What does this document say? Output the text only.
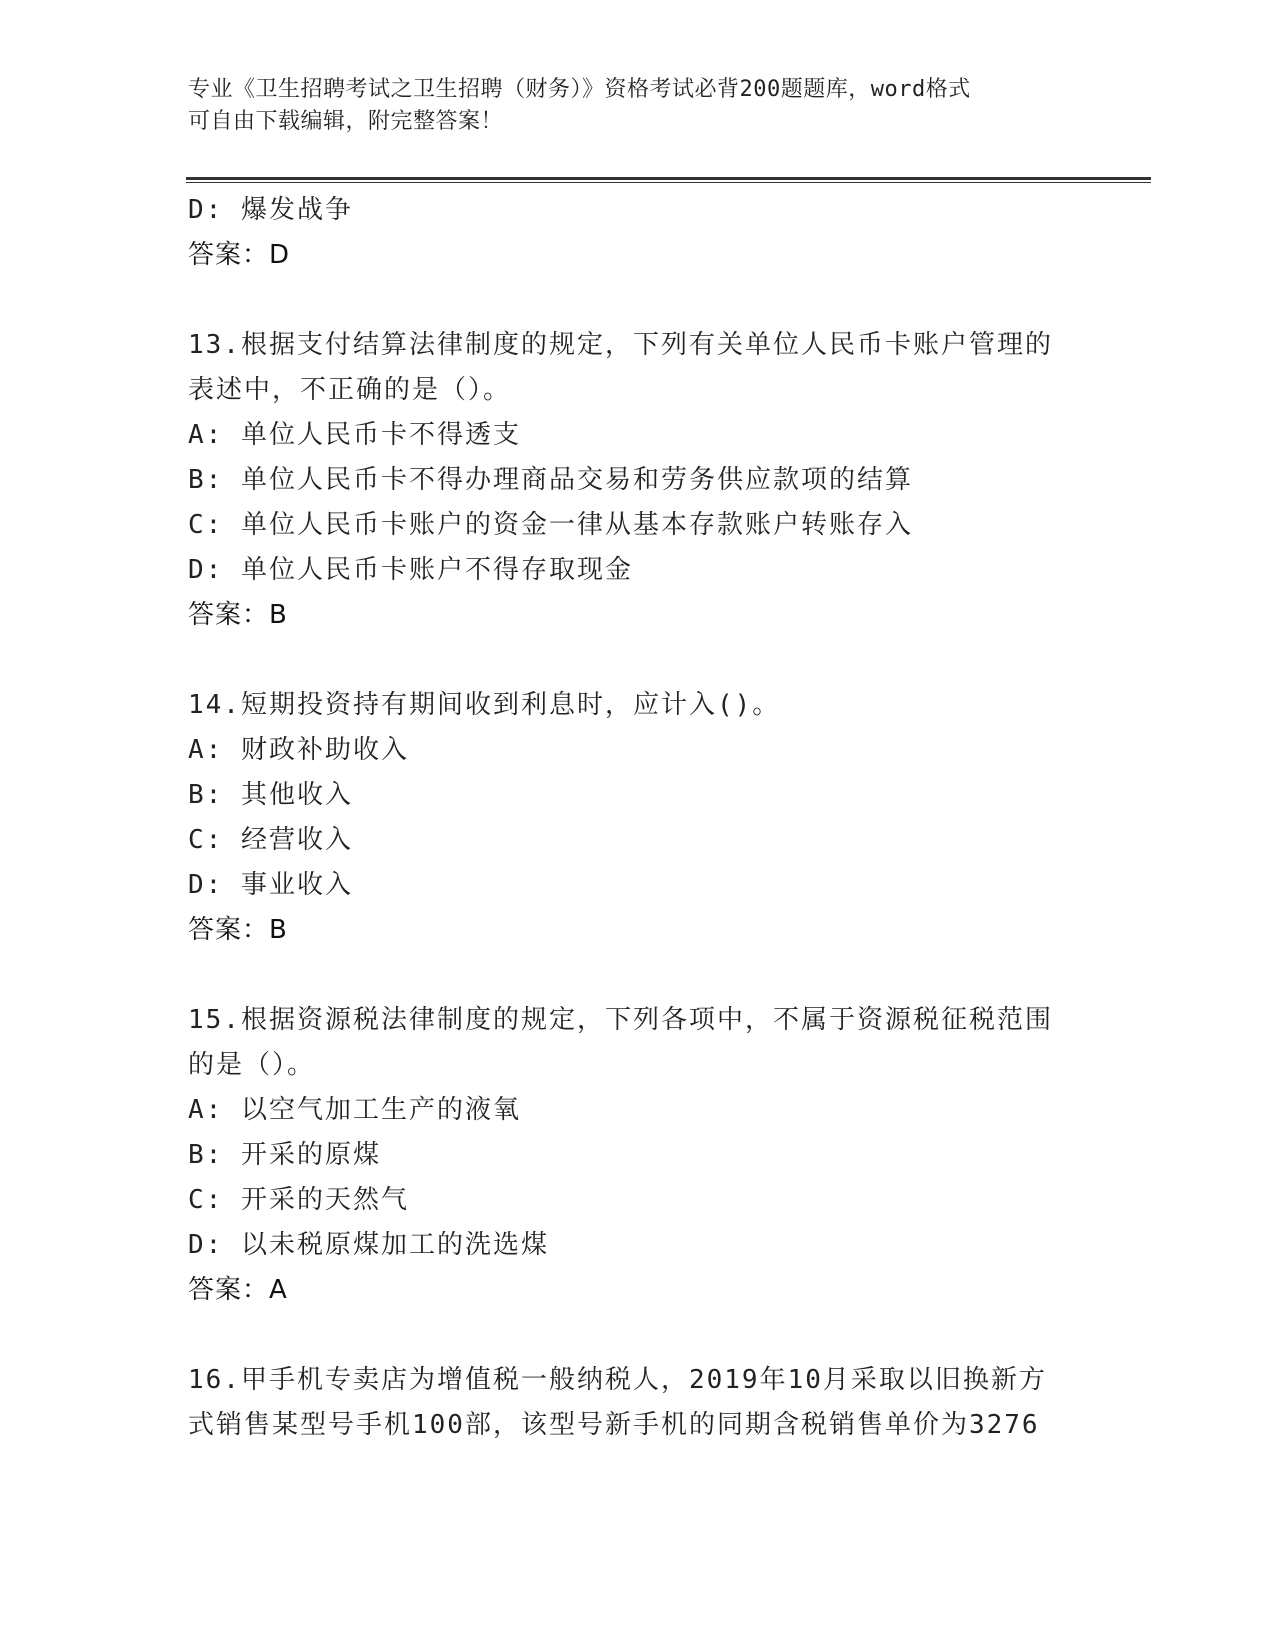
专业《卫生招聘考试之卫生招聘（财务）》资格考试必背200题题库，word格式
可自由下载编辑，附完整答案！
D: 爆发战争
答案：D
13.根据支付结算法律制度的规定，下列有关单位人民币卡账户管理的
表述中，不正确的是（）。
A: 单位人民币卡不得透支
B: 单位人民币卡不得办理商品交易和劳务供应款项的结算
C: 单位人民币卡账户的资金一律从基本存款账户转账存入
D: 单位人民币卡账户不得存取现金
答案：B
14.短期投资持有期间收到利息时，应计入()。
A: 财政补助收入
B: 其他收入
C: 经营收入
D: 事业收入
答案：B
15.根据资源税法律制度的规定，下列各项中，不属于资源税征税范围
的是（）。
A: 以空气加工生产的液氧
B: 开采的原煤
C: 开采的天然气
D: 以未税原煤加工的洗选煤
答案：A
16.甲手机专卖店为增值税一般纳税人，2019年10月采取以旧换新方
式销售某型号手机100部，该型号新手机的同期含税销售单价为3276
